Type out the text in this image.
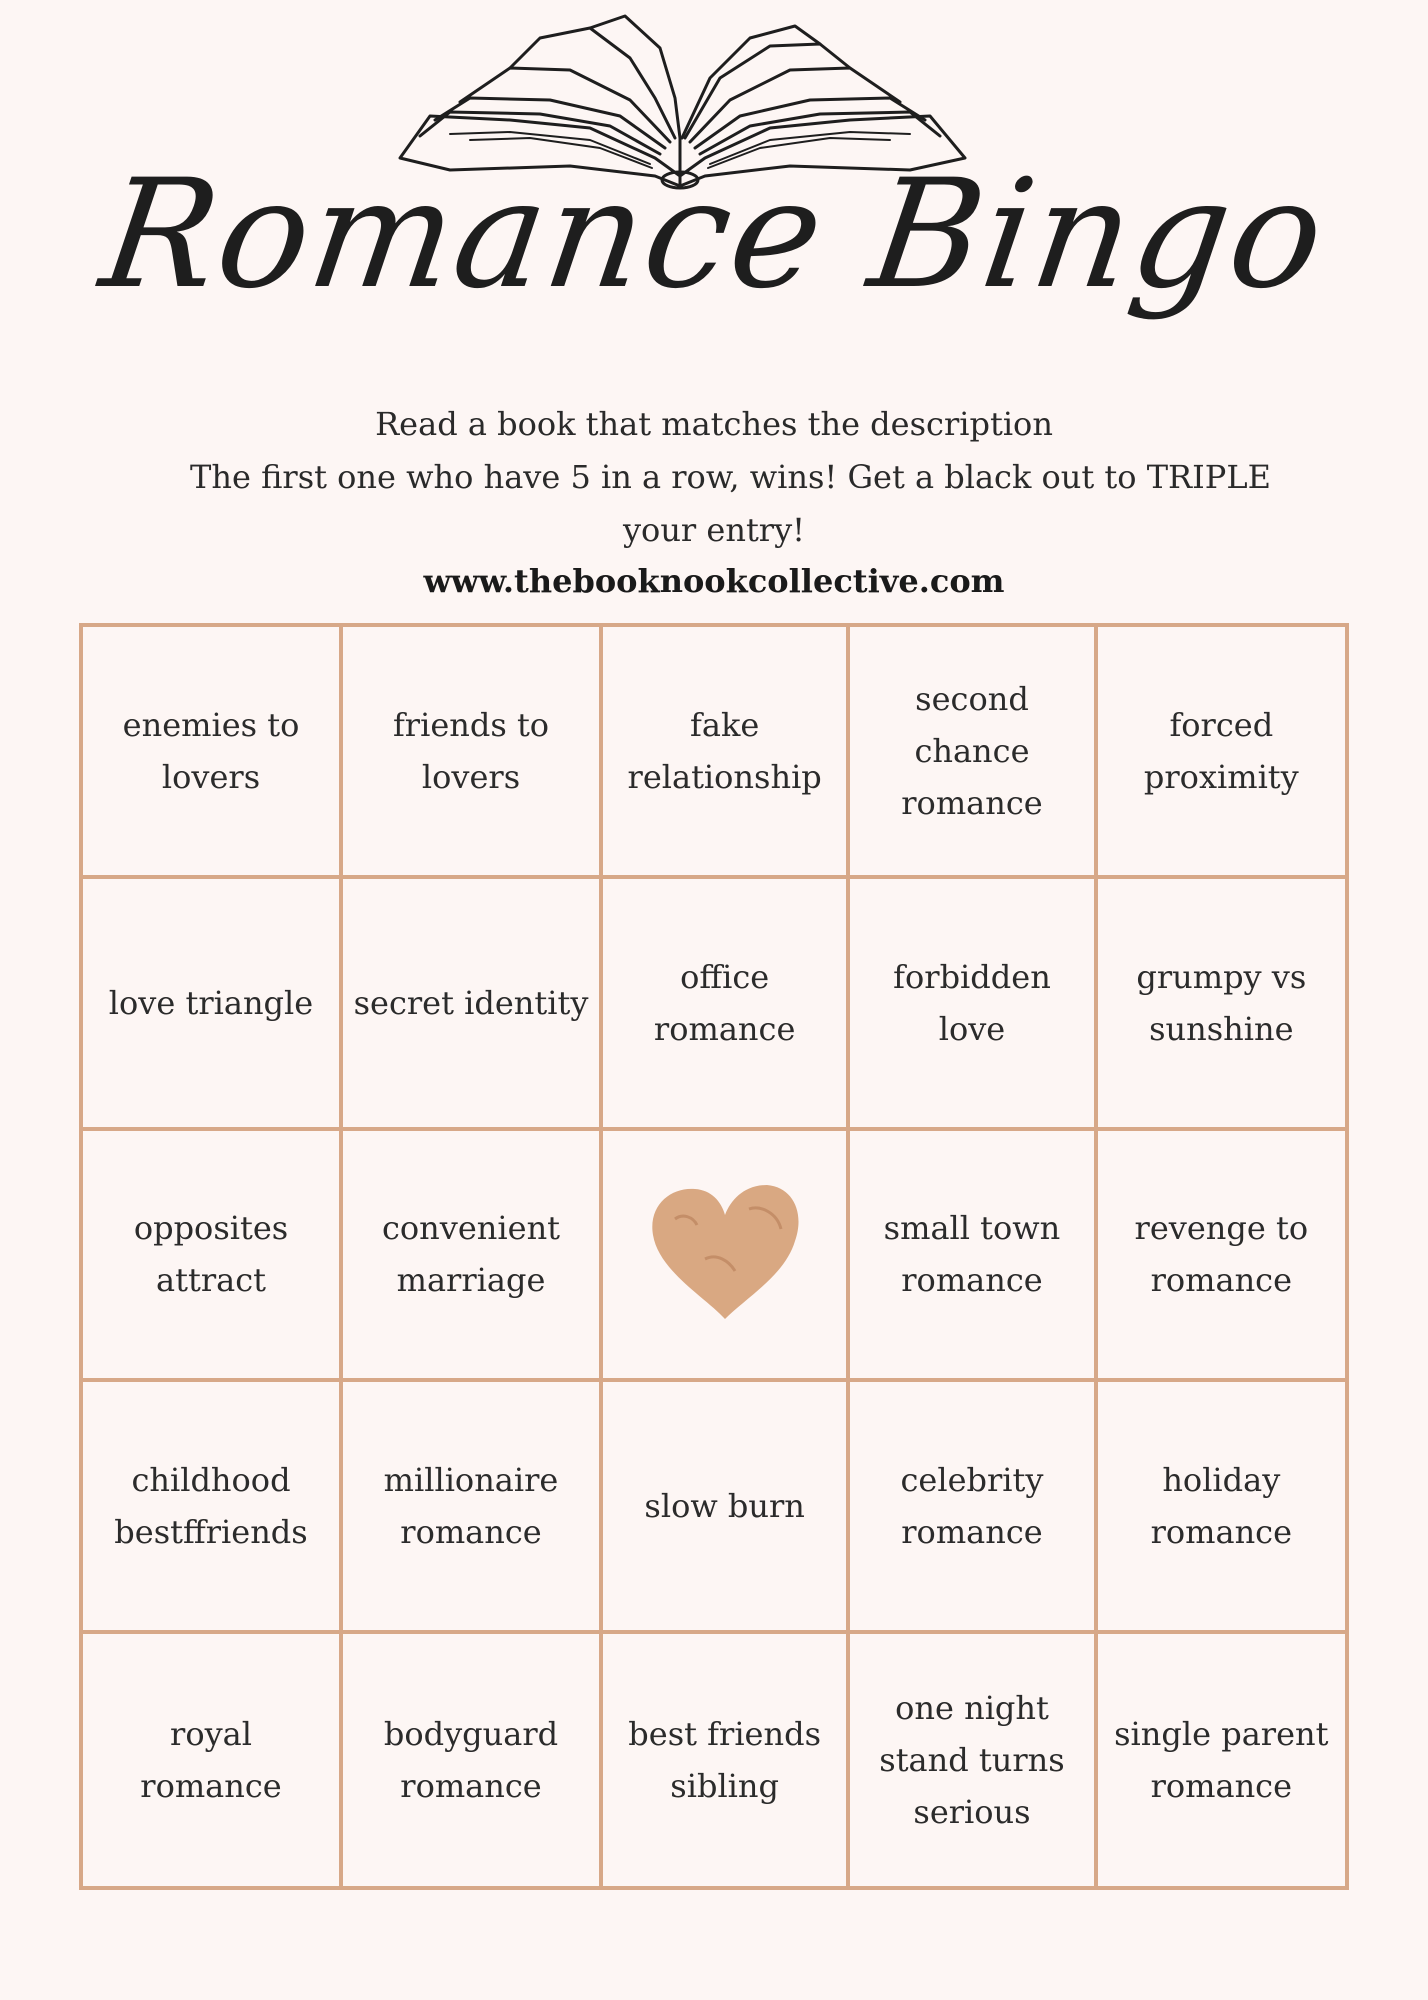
Romance Bingo
Read a book that matches the description
The first one who have 5 in a row, wins! Get a black out to TRIPLE
your entry!
www.thebooknookcollective.com
enemies to lovers
friends to lovers
fake relationship
second chance romance
forced proximity
love triangle	secret identity
office romance
forbidden love
grumpy vs sunshine
opposites attract
convenient marriage
small town romance
revenge to romance
childhood bestffriends
millionaire romance
slow burn
celebrity romance
holiday romance
royal romance
bodyguard romance
best friends sibling
one night stand turns serious
single parent romance
